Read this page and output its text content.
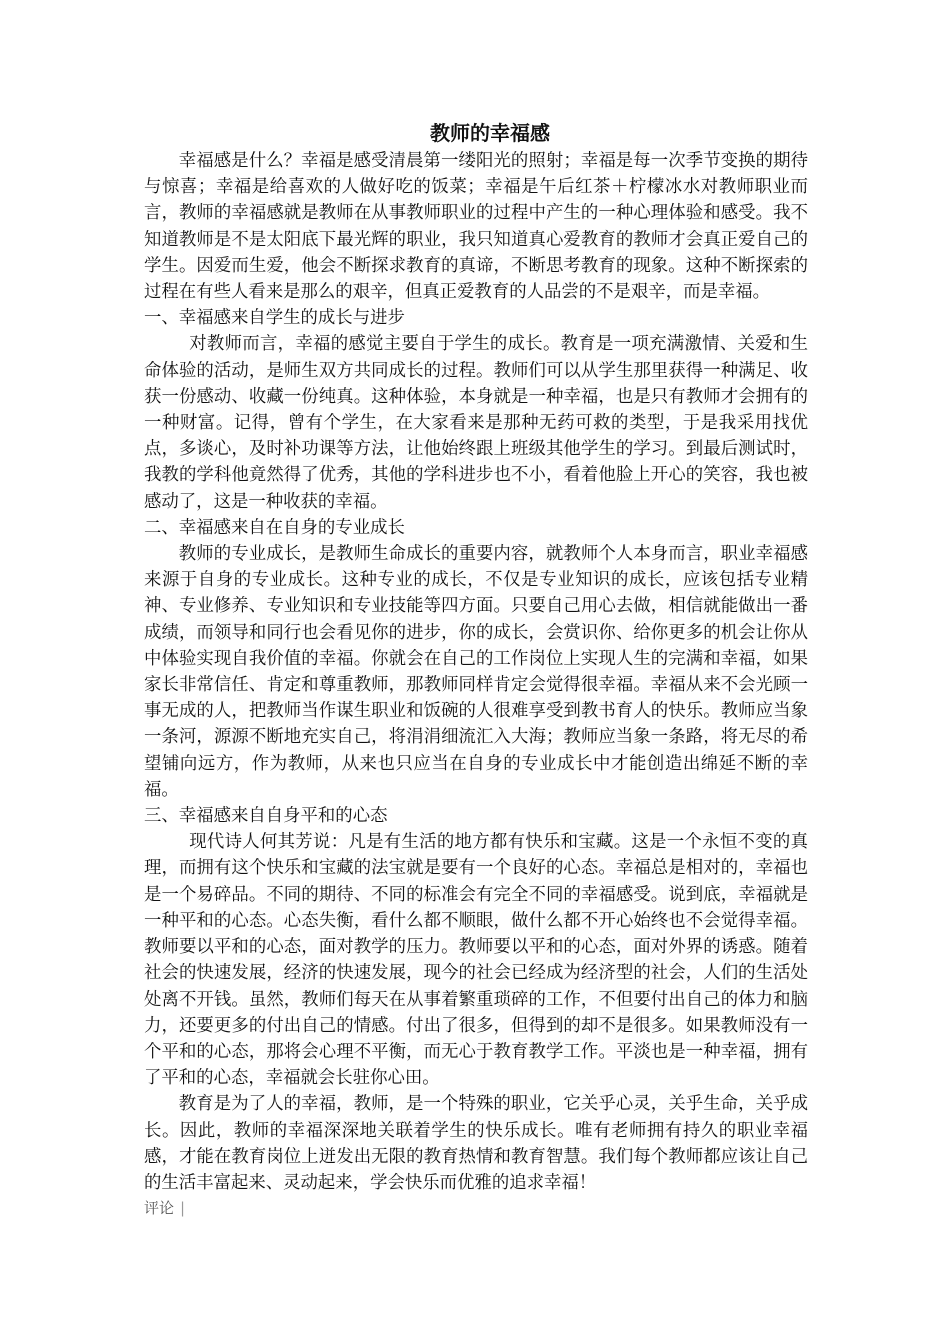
教师的幸福感

幸福感是什么？幸福是感受清晨第一缕阳光的照射；幸福是每一次季节变换的期待与惊喜；幸福是给喜欢的人做好吃的饭菜；幸福是午后红茶＋柠檬冰水对教师职业而言，教师的幸福感就是教师在从事教师职业的过程中产生的一种心理体验和感受。我不知道教师是不是太阳底下最光辉的职业，我只知道真心爱教育的教师才会真正爱自己的学生。因爱而生爱，他会不断探求教育的真谛，不断思考教育的现象。这种不断探索的过程在有些人看来是那么的艰辛，但真正爱教育的人品尝的不是艰辛，而是幸福。

一、幸福感来自学生的成长与进步

对教师而言，幸福的感觉主要自于学生的成长。教育是一项充满激情、关爱和生命体验的活动，是师生双方共同成长的过程。教师们可以从学生那里获得一种满足、收获一份感动、收藏一份纯真。这种体验，本身就是一种幸福，也是只有教师才会拥有的一种财富。记得，曾有个学生，在大家看来是那种无药可救的类型，于是我采用找优点，多谈心，及时补功课等方法，让他始终跟上班级其他学生的学习。到最后测试时，我教的学科他竟然得了优秀，其他的学科进步也不小，看着他脸上开心的笑容，我也被感动了，这是一种收获的幸福。

二、幸福感来自在自身的专业成长

教师的专业成长，是教师生命成长的重要内容，就教师个人本身而言，职业幸福感来源于自身的专业成长。这种专业的成长，不仅是专业知识的成长，应该包括专业精神、专业修养、专业知识和专业技能等四方面。只要自己用心去做，相信就能做出一番成绩，而领导和同行也会看见你的进步，你的成长，会赏识你、给你更多的机会让你从中体验实现自我价值的幸福。你就会在自己的工作岗位上实现人生的完满和幸福，如果家长非常信任、肯定和尊重教师，那教师同样肯定会觉得很幸福。幸福从来不会光顾一事无成的人，把教师当作谋生职业和饭碗的人很难享受到教书育人的快乐。教师应当象一条河，源源不断地充实自己，将涓涓细流汇入大海；教师应当象一条路，将无尽的希望铺向远方，作为教师，从来也只应当在自身的专业成长中才能创造出绵延不断的幸福。

三、幸福感来自自身平和的心态

现代诗人何其芳说：凡是有生活的地方都有快乐和宝藏。这是一个永恒不变的真理，而拥有这个快乐和宝藏的法宝就是要有一个良好的心态。幸福总是相对的，幸福也是一个易碎品。不同的期待、不同的标准会有完全不同的幸福感受。说到底，幸福就是一种平和的心态。心态失衡，看什么都不顺眼，做什么都不开心始终也不会觉得幸福。教师要以平和的心态，面对教学的压力。教师要以平和的心态，面对外界的诱惑。随着社会的快速发展，经济的快速发展，现今的社会已经成为经济型的社会，人们的生活处处离不开钱。虽然，教师们每天在从事着繁重琐碎的工作，不但要付出自己的体力和脑力，还要更多的付出自己的情感。付出了很多，但得到的却不是很多。如果教师没有一个平和的心态，那将会心理不平衡，而无心于教育教学工作。平淡也是一种幸福，拥有了平和的心态，幸福就会长驻你心田。

教育是为了人的幸福，教师，是一个特殊的职业，它关乎心灵，关乎生命，关乎成长。因此，教师的幸福深深地关联着学生的快乐成长。唯有老师拥有持久的职业幸福感，才能在教育岗位上迸发出无限的教育热情和教育智慧。我们每个教师都应该让自己的生活丰富起来、灵动起来，学会快乐而优雅的追求幸福！

评论 |
